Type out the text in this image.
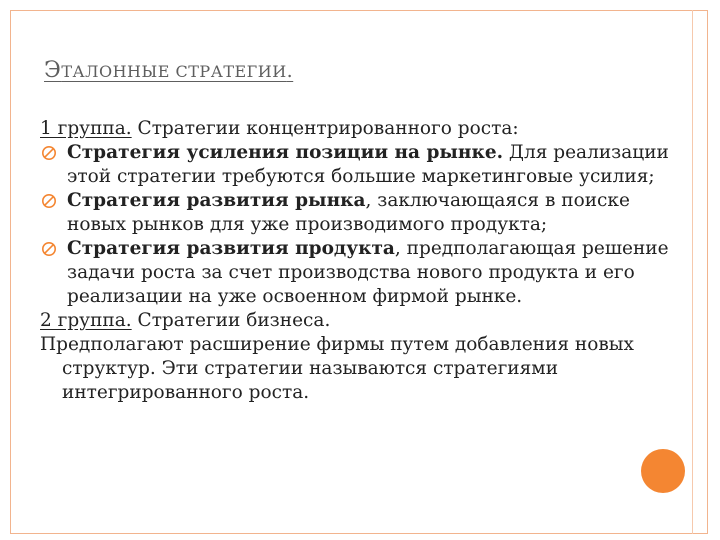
ЭТАЛОННЫЕ СТРАТЕГИИ.

1 группа. Стратегии концентрированного роста:

Стратегия усиления позиции на рынке. Для реализации этой стратегии требуются большие маркетинговые усилия;

Стратегия развития рынка, заключающаяся в поиске новых рынков для уже производимого продукта;

Стратегия развития продукта, предполагающая решение задачи роста за счет производства нового продукта и его реализации на уже освоенном фирмой рынке.

2 группа. Стратегии бизнеса.

Предполагают расширение фирмы путем добавления новых структур. Эти стратегии называются стратегиями интегрированного роста.
